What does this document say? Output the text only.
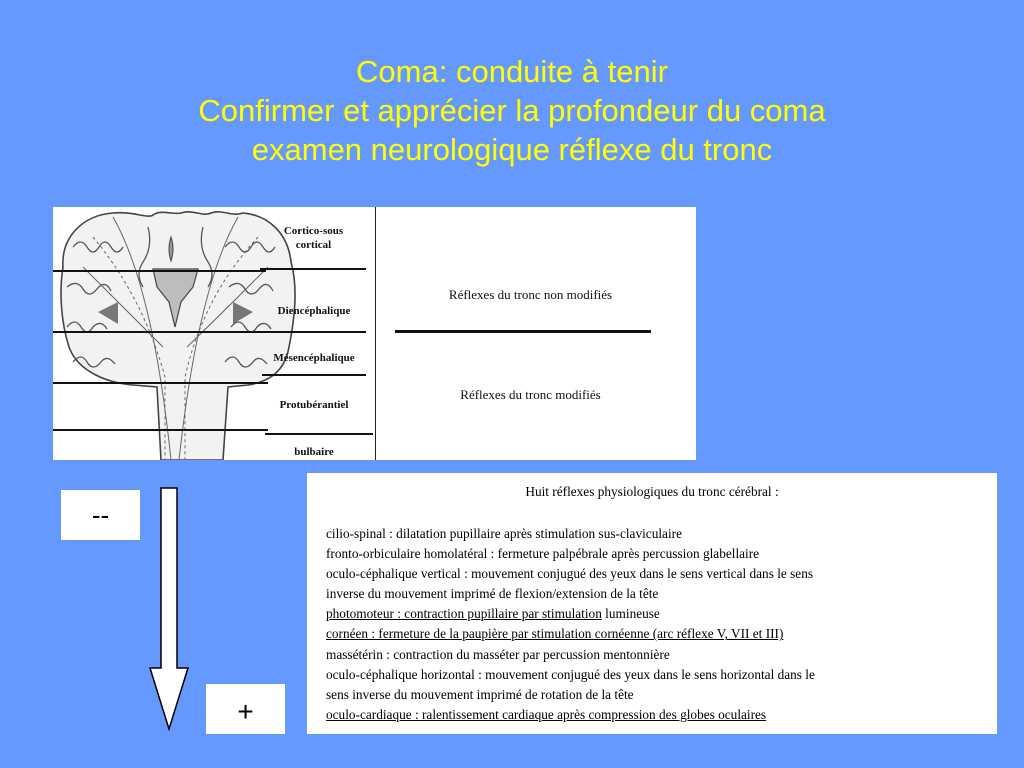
Coma: conduite à tenir
Confirmer et apprécier la profondeur du coma
examen neurologique réflexe du tronc
Cortico-sous cortical
Diencéphalique
Mésencéphalique
Protubérantiel
bulbaire
Réflexes du tronc non modifiés
Réflexes du tronc modifiés
--
+
Huit réflexes physiologiques du tronc cérébral :
cilio-spinal : dilatation pupillaire après stimulation sus-claviculaire
fronto-orbiculaire homolatéral : fermeture palpébrale après percussion glabellaire
oculo-céphalique vertical : mouvement conjugué des yeux dans le sens vertical dans le sens
inverse du mouvement imprimé de flexion/extension de la tête
photomoteur : contraction pupillaire par stimulation lumineuse
cornéen : fermeture de la paupière par stimulation cornéenne (arc réflexe V, VII et III)
massétérin : contraction du masséter par percussion mentonnière
oculo-céphalique horizontal : mouvement conjugué des yeux dans le sens horizontal dans le
sens inverse du mouvement imprimé de rotation de la tête
oculo-cardiaque : ralentissement cardiaque après compression des globes oculaires
